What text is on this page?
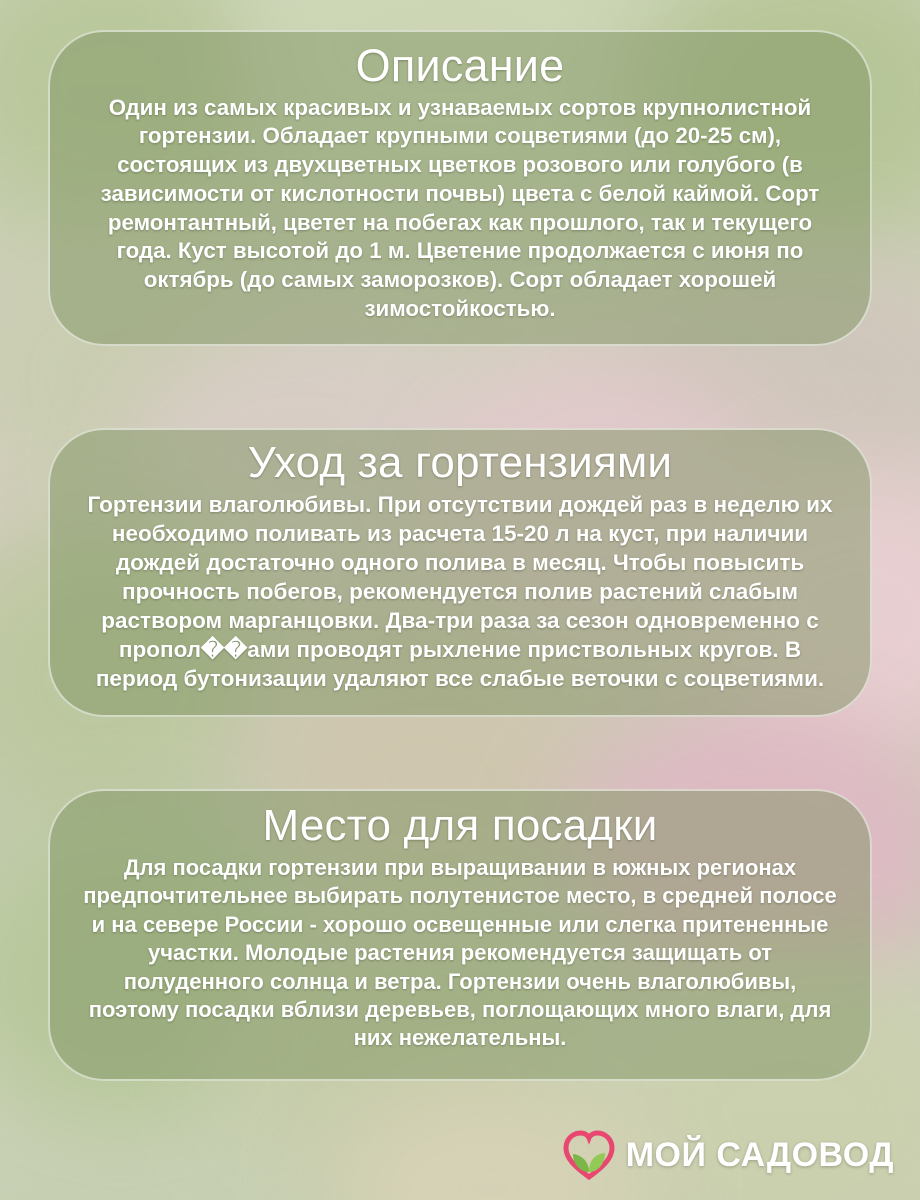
Описание

Один из самых красивых и узнаваемых сортов крупнолистной гортензии. Обладает крупными соцветиями (до 20-25 см), состоящих из двухцветных цветков розового или голубого (в зависимости от кислотности почвы) цвета с белой каймой. Сорт ремонтантный, цветет на побегах как прошлого, так и текущего года. Куст высотой до 1 м. Цветение продолжается с июня по октябрь (до самых заморозков). Сорт обладает хорошей зимостойкостью.

Уход за гортензиями

Гортензии влаголюбивы. При отсутствии дождей раз в неделю их необходимо поливать из расчета 15-20 л на куст, при наличии дождей достаточно одного полива в месяц. Чтобы повысить прочность побегов, рекомендуется полив растений слабым раствором марганцовки. Два-три раза за сезон одновременно с пропол��ами проводят рыхление приствольных кругов. В период бутонизации удаляют все слабые веточки с соцветиями.

Место для посадки

Для посадки гортензии при выращивании в южных регионах предпочтительнее выбирать полутенистое место, в средней полосе и на севере России - хорошо освещенные или слегка притененные участки. Молодые растения рекомендуется защищать от полуденного солнца и ветра. Гортензии очень влаголюбивы, поэтому посадки вблизи деревьев, поглощающих много влаги, для них нежелательны.

МОЙ САДОВОД
